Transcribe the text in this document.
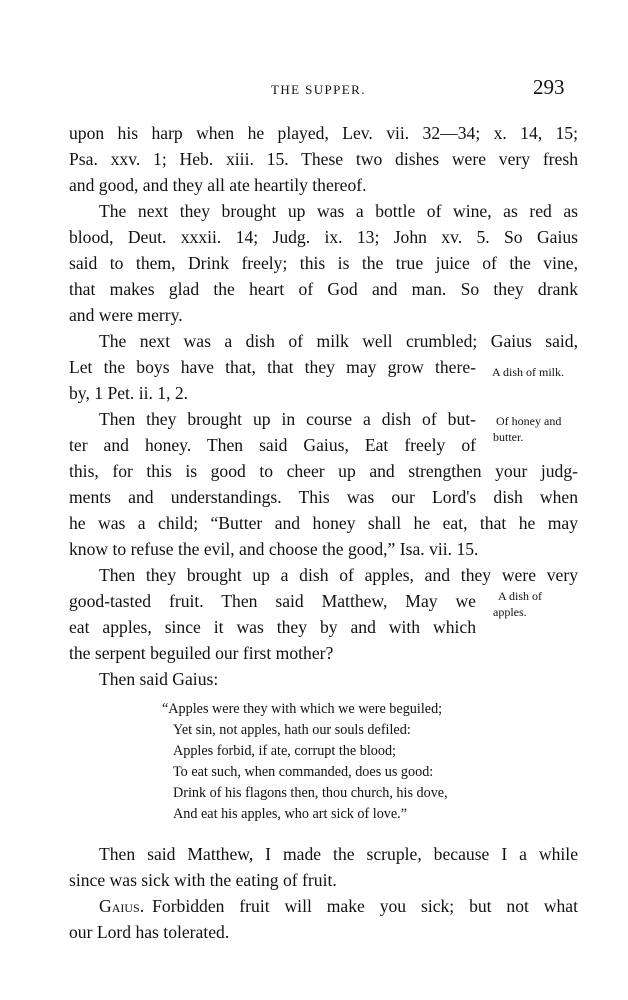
THE SUPPER.	293
upon his harp when he played, Lev. vii. 32—34; x. 14, 15;
Psa. xxv. 1; Heb. xiii. 15. These two dishes were very fresh
and good, and they all ate heartily thereof.
The next they brought up was a bottle of wine, as red as
blood, Deut. xxxii. 14; Judg. ix. 13; John xv. 5. So Gaius
said to them, Drink freely; this is the true juice of the vine,
that makes glad the heart of God and man. So they drank
and were merry.
The next was a dish of milk well crumbled; Gaius said,
Let the boys have that, that they may grow there-
by, 1 Pet. ii. 1, 2.
A dish of milk.
Then they brought up in course a dish of but-
ter and honey. Then said Gaius, Eat freely of
Of honey and
butter.
this, for this is good to cheer up and strengthen your judg-
ments and understandings. This was our Lord's dish when
he was a child; “Butter and honey shall he eat, that he may
know to refuse the evil, and choose the good,” Isa. vii. 15.
Then they brought up a dish of apples, and they were very
good-tasted fruit. Then said Matthew, May we
eat apples, since it was they by and with which
the serpent beguiled our first mother?
A dish of
apples.
Then said Gaius:
“Apples were they with which we were beguiled;
Yet sin, not apples, hath our souls defiled:
Apples forbid, if ate, corrupt the blood;
To eat such, when commanded, does us good:
Drink of his flagons then, thou church, his dove,
And eat his apples, who art sick of love.”
Then said Matthew, I made the scruple, because I a while
since was sick with the eating of fruit.
Gaius. Forbidden fruit will make you sick; but not what
our Lord has tolerated.
